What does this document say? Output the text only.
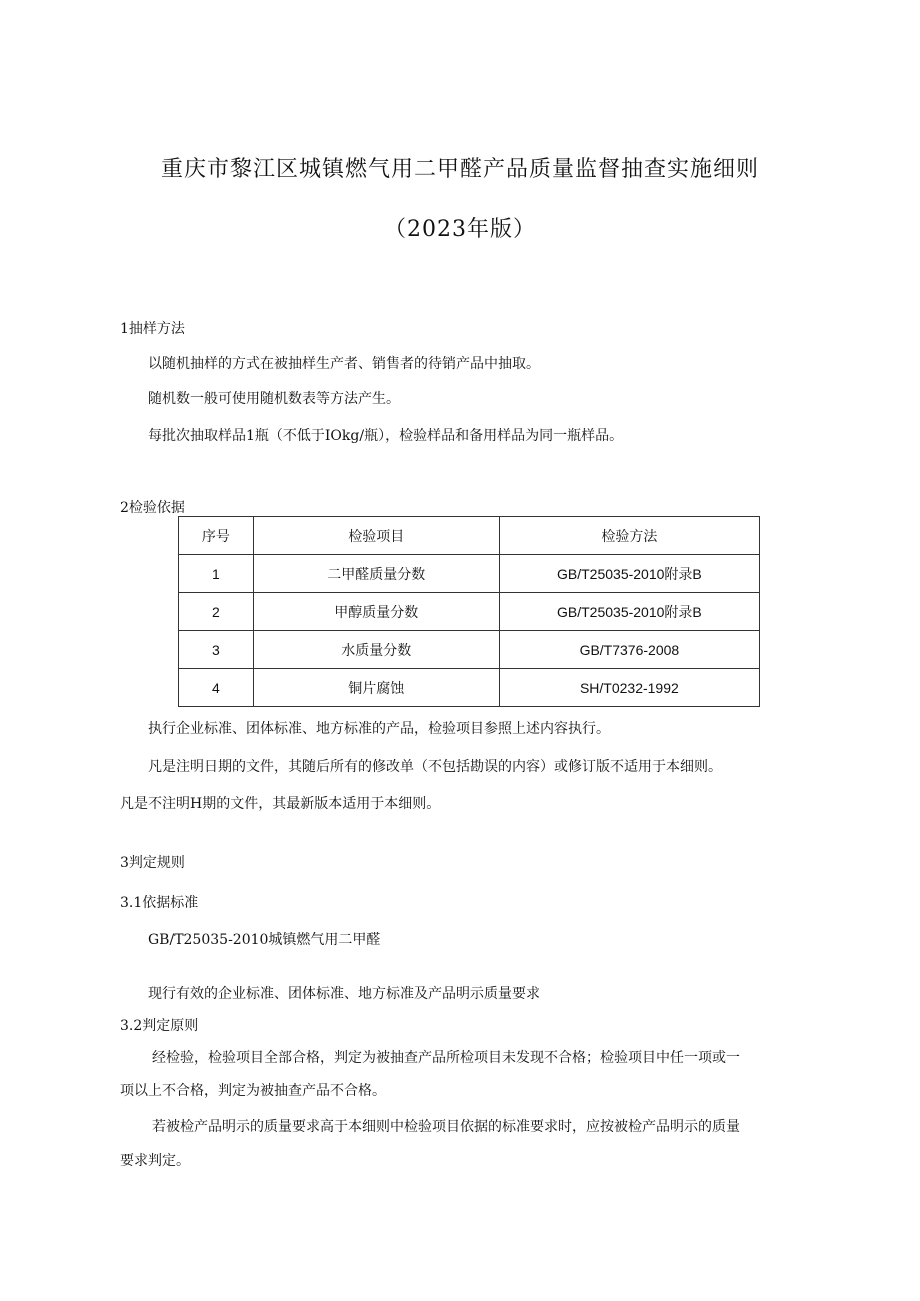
重庆市黎江区城镇燃气用二甲醛产品质量监督抽查实施细则
（2023年版）
1抽样方法
以随机抽样的方式在被抽样生产者、销售者的待销产品中抽取。
随机数一般可使用随机数表等方法产生。
每批次抽取样品1瓶（不低于IOkg/瓶），检验样品和备用样品为同一瓶样品。
2检验依据
序号	检验项目	检验方法
1	二甲醛质量分数	GB/T25035-2010附录B
2	甲醇质量分数	GB/T25035-2010附录B
3	水质量分数	GB/T7376-2008
4	铜片腐蚀	SH/T0232-1992
执行企业标准、团体标准、地方标准的产品，检验项目参照上述内容执行。
凡是注明日期的文件，其随后所有的修改单（不包括勘误的内容）或修订版不适用于本细则。
凡是不注明H期的文件，其最新版本适用于本细则。
3判定规则
3.1依据标准
GB/T25035-2010城镇燃气用二甲醛
现行有效的企业标准、团体标准、地方标准及产品明示质量要求
3.2判定原则
经检验，检验项目全部合格，判定为被抽查产品所检项目未发现不合格；检验项目中任一项或一
项以上不合格，判定为被抽查产品不合格。
若被检产品明示的质量要求高于本细则中检验项目依据的标准要求时，应按被检产品明示的质量
要求判定。
